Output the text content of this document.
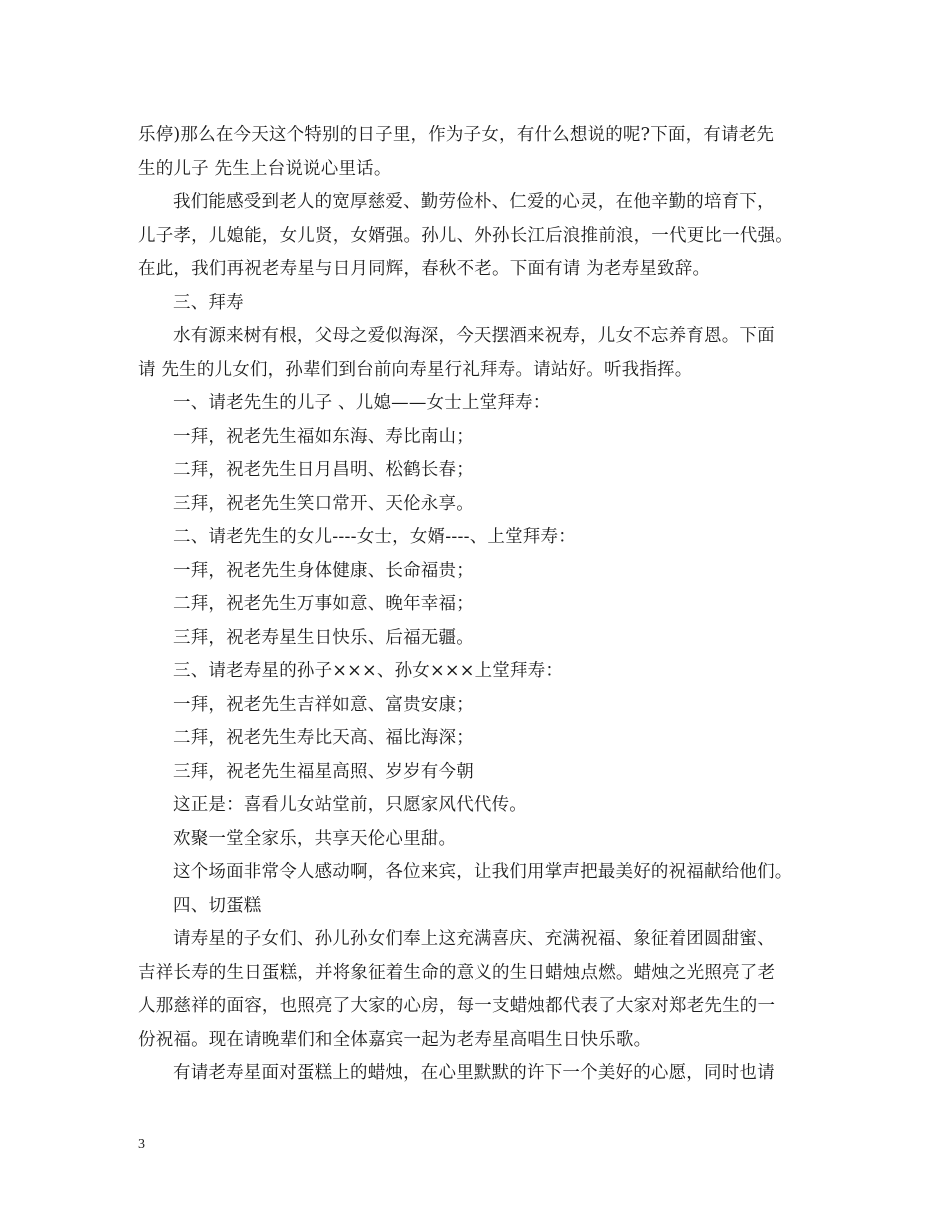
乐停)那么在今天这个特别的日子里，作为子女，有什么想说的呢?下面，有请老先
生的儿子 先生上台说说心里话。
我们能感受到老人的宽厚慈爱、勤劳俭朴、仁爱的心灵，在他辛勤的培育下，
儿子孝，儿媳能，女儿贤，女婿强。孙儿、外孙长江后浪推前浪，一代更比一代强。
在此，我们再祝老寿星与日月同辉，春秋不老。下面有请 为老寿星致辞。
三、拜寿
水有源来树有根，父母之爱似海深，今天摆酒来祝寿，儿女不忘养育恩。下面
请 先生的儿女们，孙辈们到台前向寿星行礼拜寿。请站好。听我指挥。
一、请老先生的儿子 、儿媳——女士上堂拜寿：
一拜，祝老先生福如东海、寿比南山；
二拜，祝老先生日月昌明、松鹤长春；
三拜，祝老先生笑口常开、天伦永享。
二、请老先生的女儿----女士，女婿----、上堂拜寿：
一拜，祝老先生身体健康、长命福贵；
二拜，祝老先生万事如意、晚年幸福；
三拜，祝老寿星生日快乐、后福无疆。
三、请老寿星的孙子×××、孙女×××上堂拜寿：
一拜，祝老先生吉祥如意、富贵安康；
二拜，祝老先生寿比天高、福比海深；
三拜，祝老先生福星高照、岁岁有今朝
这正是：喜看儿女站堂前，只愿家风代代传。
欢聚一堂全家乐，共享天伦心里甜。
这个场面非常令人感动啊，各位来宾，让我们用掌声把最美好的祝福献给他们。
四、切蛋糕
请寿星的子女们、孙儿孙女们奉上这充满喜庆、充满祝福、象征着团圆甜蜜、
吉祥长寿的生日蛋糕，并将象征着生命的意义的生日蜡烛点燃。蜡烛之光照亮了老
人那慈祥的面容，也照亮了大家的心房，每一支蜡烛都代表了大家对郑老先生的一
份祝福。现在请晚辈们和全体嘉宾一起为老寿星高唱生日快乐歌。
有请老寿星面对蛋糕上的蜡烛，在心里默默的许下一个美好的心愿，同时也请
3
